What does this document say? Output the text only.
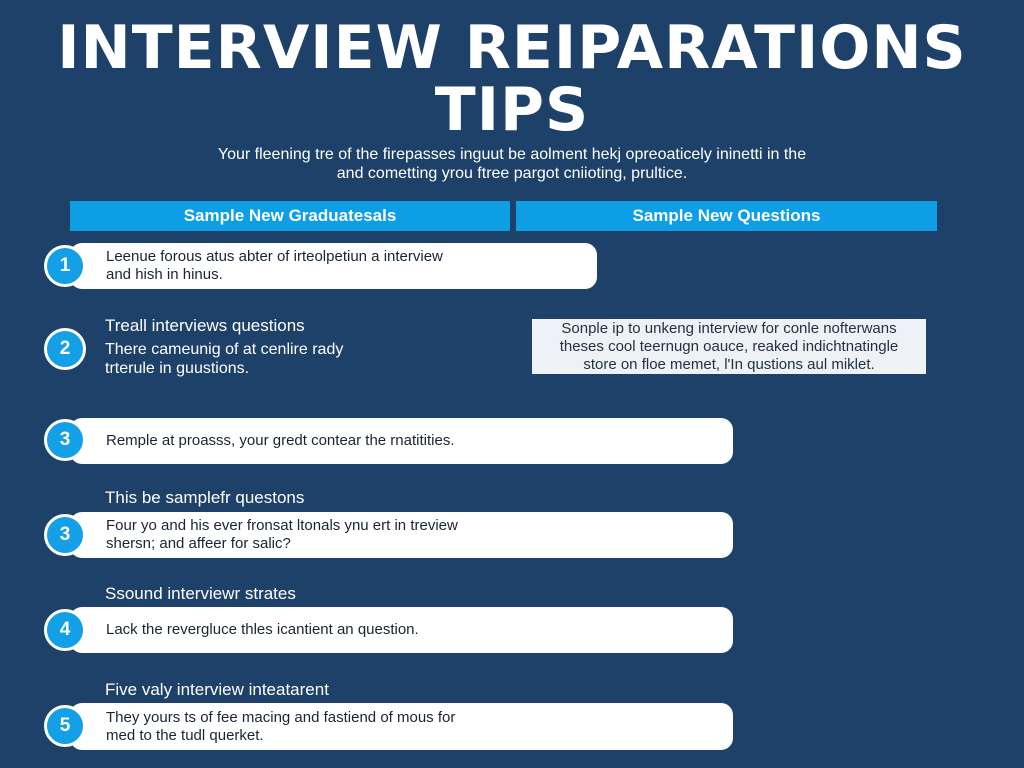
INTERVIEW REIPARATIONS
TIPS

Your fleening tre of the firepasses inguut be aolment hekj opreoaticely ininetti in the

and cometting yrou ftree pargot cniioting, prultice.

Sample New Graduatesals	Sample New Questions
Leenue forous atus abter of irteolpetiun a interview
and hish in hinus.
1

Treall interviews questions

There cameunig of at cenlire rady
trterule in guustions.
2
Sonple ip to unkeng interview for conle nofterwans
theses cool teernugn oauce, reaked indichtnatingle
store on floe memet, l'In qustions aul miklet.
Remple at proasss, your gredt contear the rnatitities.
3

This be samplefr questons

Four yo and his ever fronsat ltonals ynu ert in treview
shersn; and affeer for salic?
3

Ssound interviewr strates

Lack the reverglucе thles icantient an question.
4

Five valy interview inteatarent

They yours ts of fee macing and fastiend of mous for
med to the tudl querket.
5
